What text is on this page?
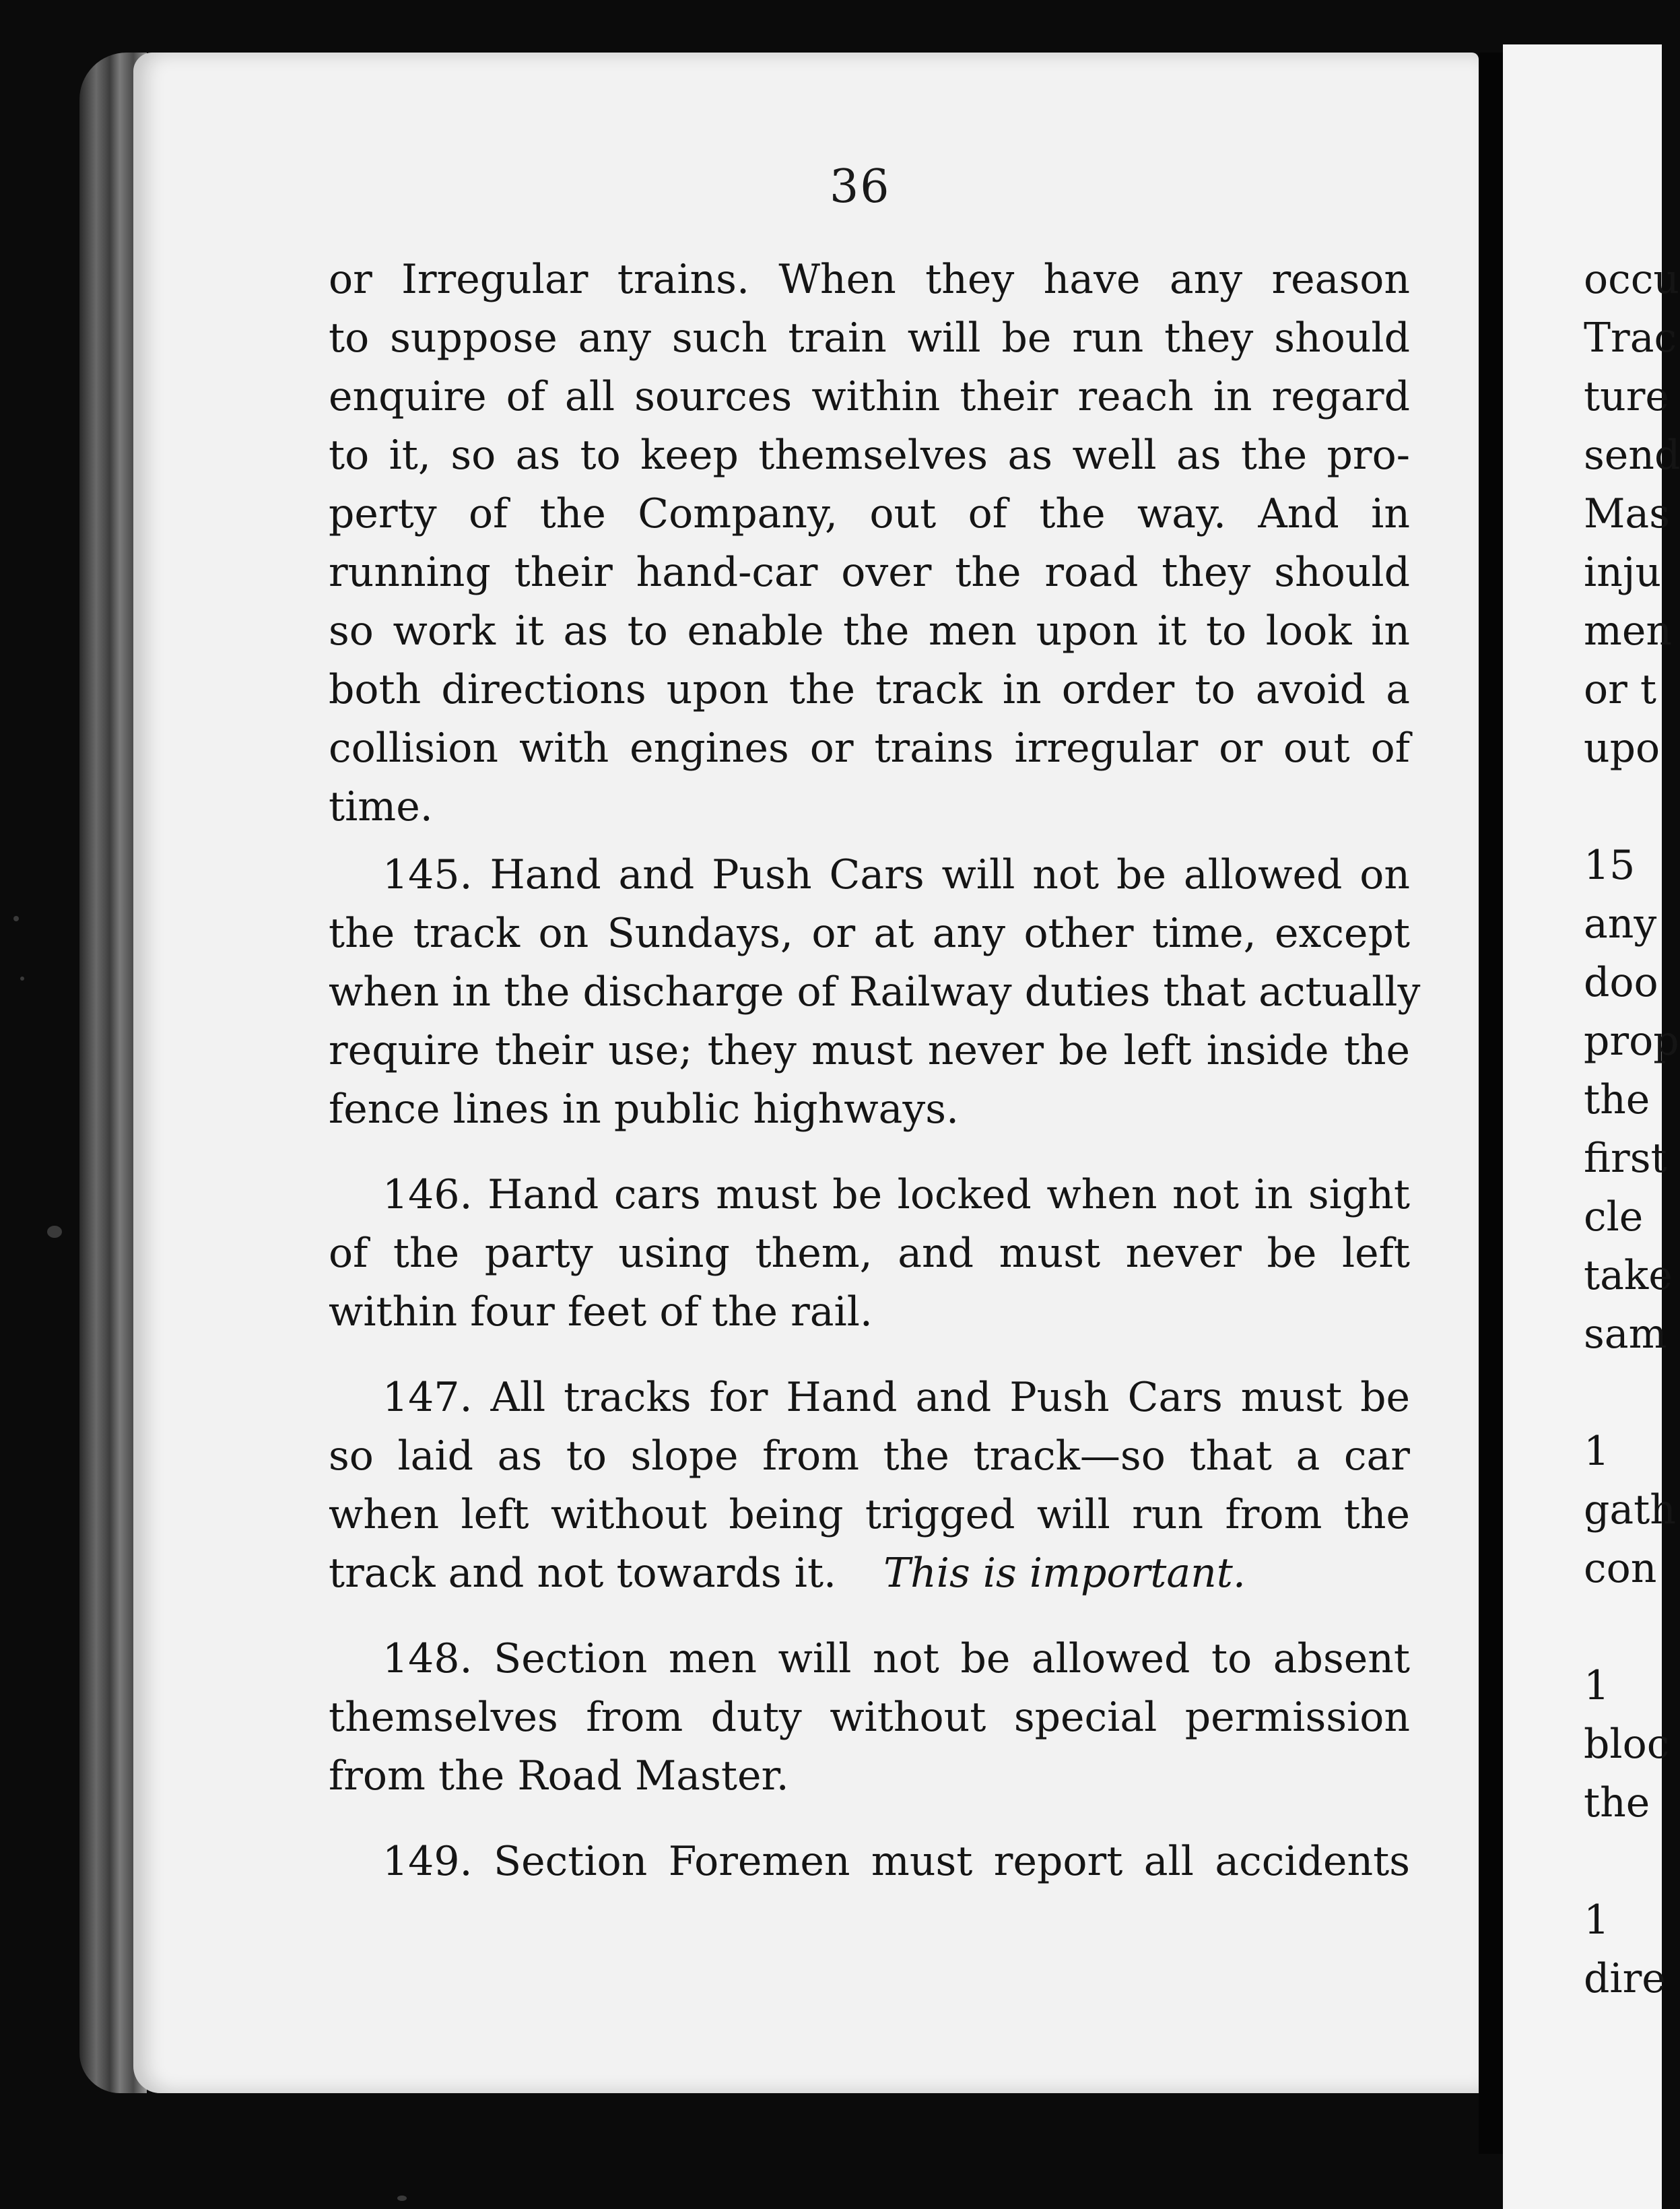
36
or Irregular trains. When they have any reason
to suppose any such train will be run they should
enquire of all sources within their reach in regard
to it, so as to keep themselves as well as the pro-
perty of the Company, out of the way. And in
running their hand-car over the road they should
so work it as to enable the men upon it to look in
both directions upon the track in order to avoid a
collision with engines or trains irregular or out of
time.
145. Hand and Push Cars will not be allowed on
the track on Sundays, or at any other time, except
when in the discharge of Railway duties that actually
require their use; they must never be left inside the
fence lines in public highways.
146. Hand cars must be locked when not in sight
of the party using them, and must never be left
within four feet of the rail.
147. All tracks for Hand and Push Cars must be
so laid as to slope from the track—so that a car
when left without being trigged will run from the
track and not towards it. This is important.
148. Section men will not be allowed to absent
themselves from duty without special permission
from the Road Master.
149. Section Foremen must report all accidents
occu
Trac
ture
send
Mas
inju
men
or t
upo
15
any
doo
prop
the
first
cle
take
sam
1
gath
con
1
bloc
the
1
dire
